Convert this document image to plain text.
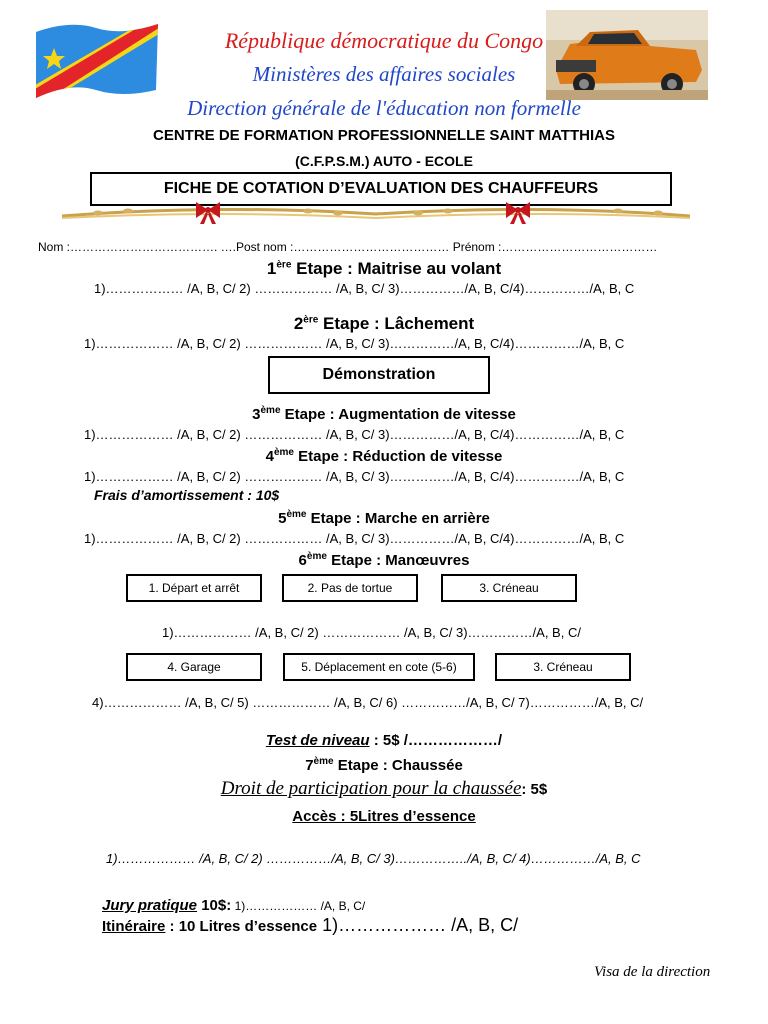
République démocratique du Congo
Ministères des affaires sociales
Direction générale de l'éducation non formelle
CENTRE DE FORMATION PROFESSIONNELLE SAINT MATTHIAS
(C.F.P.S.M.) AUTO - ECOLE
FICHE DE COTATION D’EVALUATION DES CHAUFFEURS
Nom :………………………………. ….Post nom :………………………………… Prénom :…………………………………
1ère Etape : Maitrise au volant
1)……………… /A, B, C/ 2) ……………… /A, B, C/ 3)……………/A, B, C/4)……………/A, B, C
2ère Etape : Lâchement
1)……………… /A, B, C/ 2) ……………… /A, B, C/ 3)……………/A, B, C/4)……………/A, B, C
Démonstration
3ème Etape : Augmentation de vitesse
1)……………… /A, B, C/ 2) ……………… /A, B, C/ 3)……………/A, B, C/4)……………/A, B, C
4ème Etape : Réduction de vitesse
1)……………… /A, B, C/ 2) ……………… /A, B, C/ 3)……………/A, B, C/4)……………/A, B, C
Frais d’amortissement : 10$
5ème Etape : Marche en arrière
1)……………… /A, B, C/ 2) ……………… /A, B, C/ 3)……………/A, B, C/4)……………/A, B, C
6ème Etape : Manœuvres
1. Départ et arrêt	2. Pas de tortue	3. Créneau
1)……………… /A, B, C/ 2) ……………… /A, B, C/ 3)……………/A, B, C/
4. Garage	5. Déplacement en cote (5-6)	3. Créneau
4)……………… /A, B, C/ 5) ……………… /A, B, C/ 6) ……………/A, B, C/ 7)……………/A, B, C/
Test de niveau : 5$ /………………/
7ème Etape : Chaussée
Droit de participation pour la chaussée: 5$
Accès : 5Litres d’essence
1)……………… /A, B, C/ 2) ……………/A, B, C/ 3)……………../A, B, C/ 4)……………/A, B, C
Jury pratique 10$: 1)……………… /A, B, C/
Itinéraire : 10 Litres d’essence 1)……………… /A, B, C/
Visa de la direction
